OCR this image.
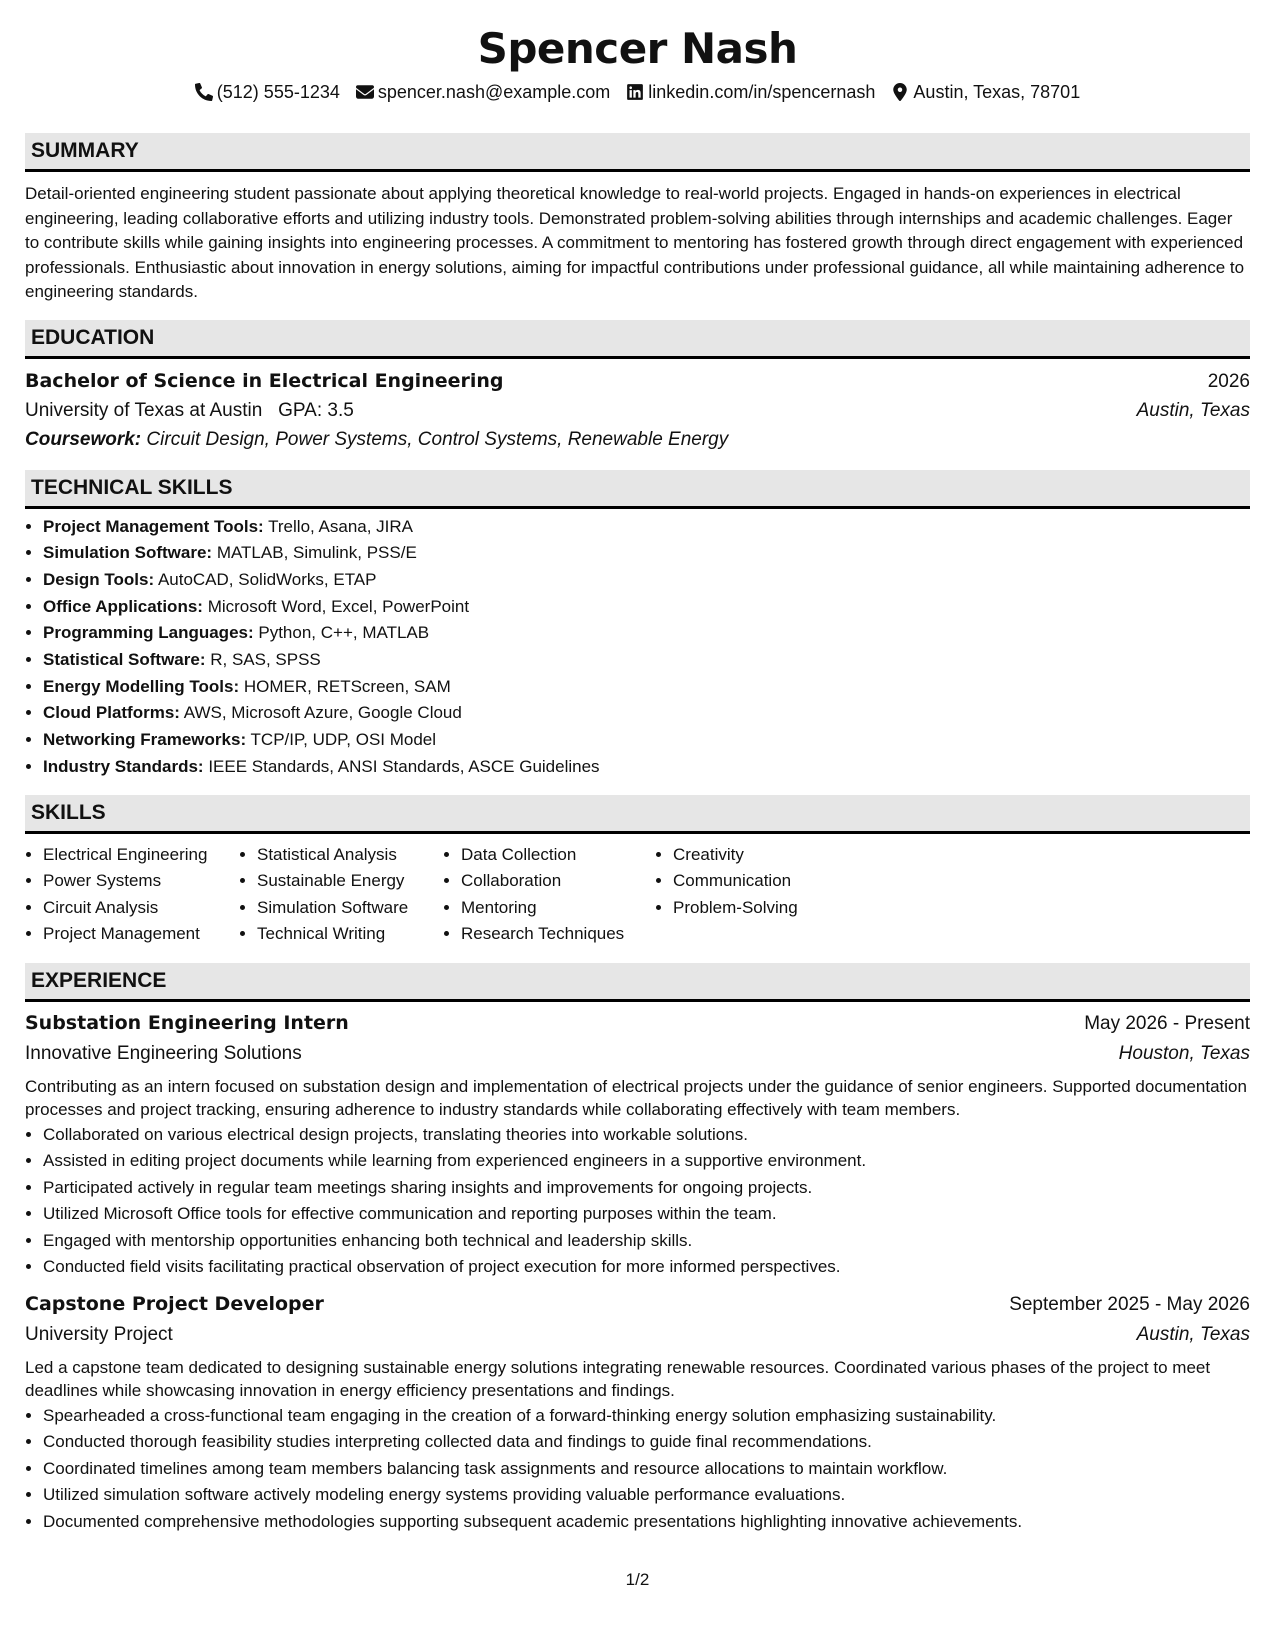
Spencer Nash
(512) 555-1234 spencer.nash@example.com linkedin.com/in/spencernash Austin, Texas, 78701
SUMMARY
Detail-oriented engineering student passionate about applying theoretical knowledge to real-world projects. Engaged in hands-on experiences in electrical engineering, leading collaborative efforts and utilizing industry tools. Demonstrated problem-solving abilities through internships and academic challenges. Eager to contribute skills while gaining insights into engineering processes. A commitment to mentoring has fostered growth through direct engagement with experienced professionals. Enthusiastic about innovation in energy solutions, aiming for impactful contributions under professional guidance, all while maintaining adherence to engineering standards.
EDUCATION
Bachelor of Science in Electrical Engineering	2026
University of Texas at Austin GPA: 3.5	Austin, Texas
Coursework: Circuit Design, Power Systems, Control Systems, Renewable Energy
TECHNICAL SKILLS
• Project Management Tools: Trello, Asana, JIRA
• Simulation Software: MATLAB, Simulink, PSS/E
• Design Tools: AutoCAD, SolidWorks, ETAP
• Office Applications: Microsoft Word, Excel, PowerPoint
• Programming Languages: Python, C++, MATLAB
• Statistical Software: R, SAS, SPSS
• Energy Modelling Tools: HOMER, RETScreen, SAM
• Cloud Platforms: AWS, Microsoft Azure, Google Cloud
• Networking Frameworks: TCP/IP, UDP, OSI Model
• Industry Standards: IEEE Standards, ANSI Standards, ASCE Guidelines
SKILLS
• Electrical Engineering
• Power Systems
• Circuit Analysis
• Project Management
• Statistical Analysis
• Sustainable Energy
• Simulation Software
• Technical Writing
• Data Collection
• Collaboration
• Mentoring
• Research Techniques
• Creativity
• Communication
• Problem-Solving
EXPERIENCE
Substation Engineering Intern	May 2026 - Present
Innovative Engineering Solutions	Houston, Texas
Contributing as an intern focused on substation design and implementation of electrical projects under the guidance of senior engineers. Supported documentation processes and project tracking, ensuring adherence to industry standards while collaborating effectively with team members.
• Collaborated on various electrical design projects, translating theories into workable solutions.
• Assisted in editing project documents while learning from experienced engineers in a supportive environment.
• Participated actively in regular team meetings sharing insights and improvements for ongoing projects.
• Utilized Microsoft Office tools for effective communication and reporting purposes within the team.
• Engaged with mentorship opportunities enhancing both technical and leadership skills.
• Conducted field visits facilitating practical observation of project execution for more informed perspectives.
Capstone Project Developer	September 2025 - May 2026
University Project	Austin, Texas
Led a capstone team dedicated to designing sustainable energy solutions integrating renewable resources. Coordinated various phases of the project to meet deadlines while showcasing innovation in energy efficiency presentations and findings.
• Spearheaded a cross-functional team engaging in the creation of a forward-thinking energy solution emphasizing sustainability.
• Conducted thorough feasibility studies interpreting collected data and findings to guide final recommendations.
• Coordinated timelines among team members balancing task assignments and resource allocations to maintain workflow.
• Utilized simulation software actively modeling energy systems providing valuable performance evaluations.
• Documented comprehensive methodologies supporting subsequent academic presentations highlighting innovative achievements.
1/2
